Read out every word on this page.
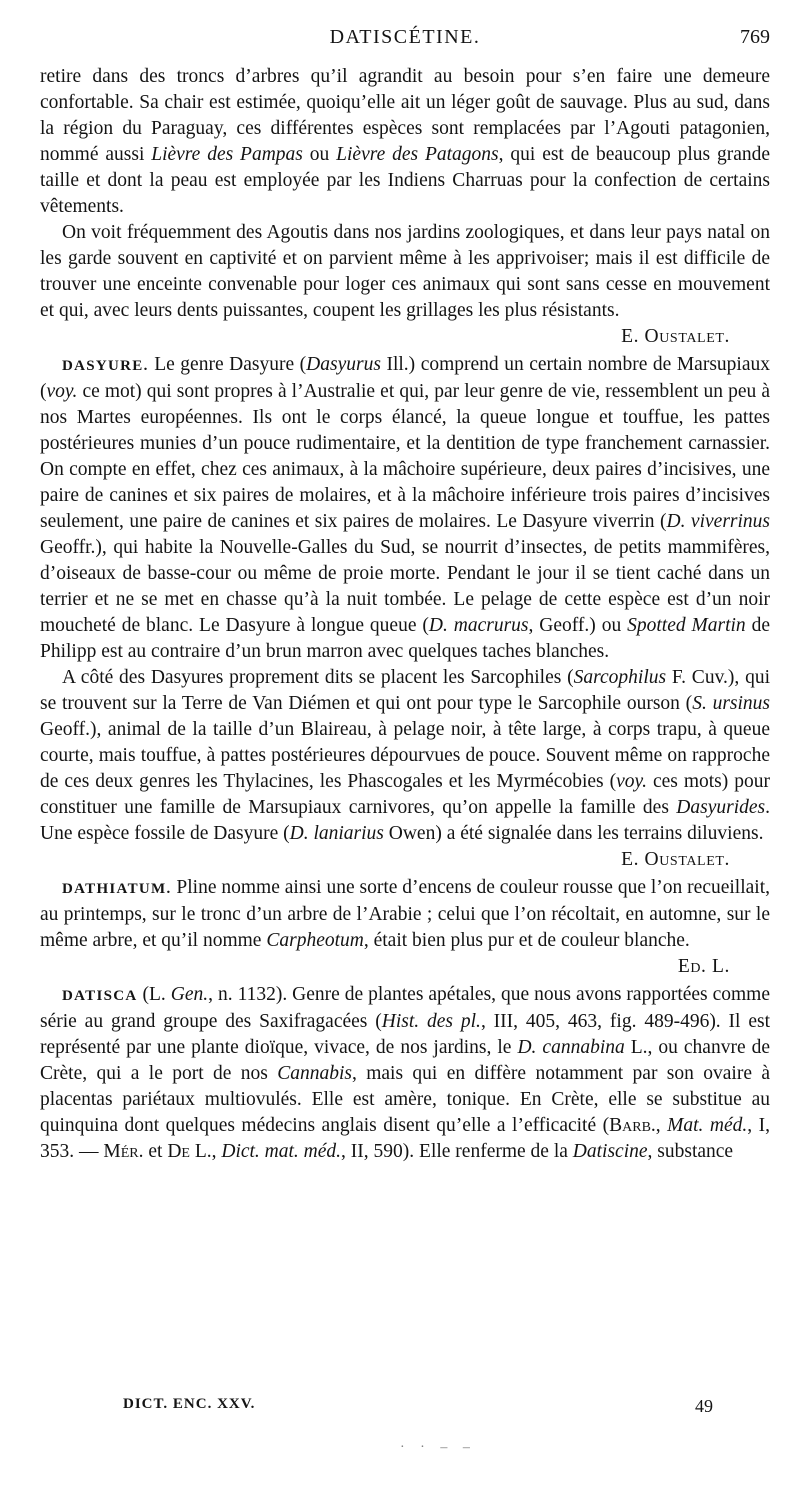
DATISCÉTINE.	769

retire dans des troncs d’arbres qu’il agrandit au besoin pour s’en faire une demeure confortable. Sa chair est estimée, quoiqu’elle ait un léger goût de sauvage. Plus au sud, dans la région du Paraguay, ces différentes espèces sont remplacées par l’Agouti patagonien, nommé aussi Lièvre des Pampas ou Lièvre des Patagons, qui est de beaucoup plus grande taille et dont la peau est employée par les Indiens Charruas pour la confection de certains vêtements.

On voit fréquemment des Agoutis dans nos jardins zoologiques, et dans leur pays natal on les garde souvent en captivité et on parvient même à les apprivoiser; mais il est difficile de trouver une enceinte convenable pour loger ces animaux qui sont sans cesse en mouvement et qui, avec leurs dents puissantes, coupent les grillages les plus résistants.
E. Oustalet.

DASYURE. Le genre Dasyure (Dasyurus Ill.) comprend un certain nombre de Marsupiaux (voy. ce mot) qui sont propres à l’Australie et qui, par leur genre de vie, ressemblent un peu à nos Martes européennes. Ils ont le corps élancé, la queue longue et touffue, les pattes postérieures munies d’un pouce rudimentaire, et la dentition de type franchement carnassier. On compte en effet, chez ces animaux, à la mâchoire supérieure, deux paires d’incisives, une paire de canines et six paires de molaires, et à la mâchoire inférieure trois paires d’incisives seulement, une paire de canines et six paires de molaires. Le Dasyure viverrin (D. viverrinus Geoffr.), qui habite la Nouvelle-Galles du Sud, se nourrit d’insectes, de petits mammifères, d’oiseaux de basse-cour ou même de proie morte. Pendant le jour il se tient caché dans un terrier et ne se met en chasse qu’à la nuit tombée. Le pelage de cette espèce est d’un noir moucheté de blanc. Le Dasyure à longue queue (D. macrurus, Geoff.) ou Spotted Martin de Philipp est au contraire d’un brun marron avec quelques taches blanches.

A côté des Dasyures proprement dits se placent les Sarcophiles (Sarcophilus F. Cuv.), qui se trouvent sur la Terre de Van Diémen et qui ont pour type le Sarcophile ourson (S. ursinus Geoff.), animal de la taille d’un Blaireau, à pelage noir, à tête large, à corps trapu, à queue courte, mais touffue, à pattes postérieures dépourvues de pouce. Souvent même on rapproche de ces deux genres les Thylacines, les Phascogales et les Myrmécobies (voy. ces mots) pour constituer une famille de Marsupiaux carnivores, qu’on appelle la famille des Dasyurides. Une espèce fossile de Dasyure (D. laniarius Owen) a été signalée dans les terrains diluviens.
E. Oustalet.

DATHIATUM. Pline nomme ainsi une sorte d’encens de couleur rousse que l’on recueillait, au printemps, sur le tronc d’un arbre de l’Arabie ; celui que l’on récoltait, en automne, sur le même arbre, et qu’il nomme Carpheotum, était bien plus pur et de couleur blanche.
Ed. L.

DATISCA (L. Gen., n. 1132). Genre de plantes apétales, que nous avons rapportées comme série au grand groupe des Saxifragacées (Hist. des pl., III, 405, 463, fig. 489-496). Il est représenté par une plante dioïque, vivace, de nos jardins, le D. cannabina L., ou chanvre de Crète, qui a le port de nos Cannabis, mais qui en diffère notamment par son ovaire à placentas pariétaux multiovulés. Elle est amère, tonique. En Crète, elle se substitue au quinquina dont quelques médecins anglais disent qu’elle a l’efficacité (Barb., Mat. méd., I, 353. — Mér. et De L., Dict. mat. méd., II, 590). Elle renferme de la Datiscine, substance

DICT. ENC. XXV.	49
· · – –
